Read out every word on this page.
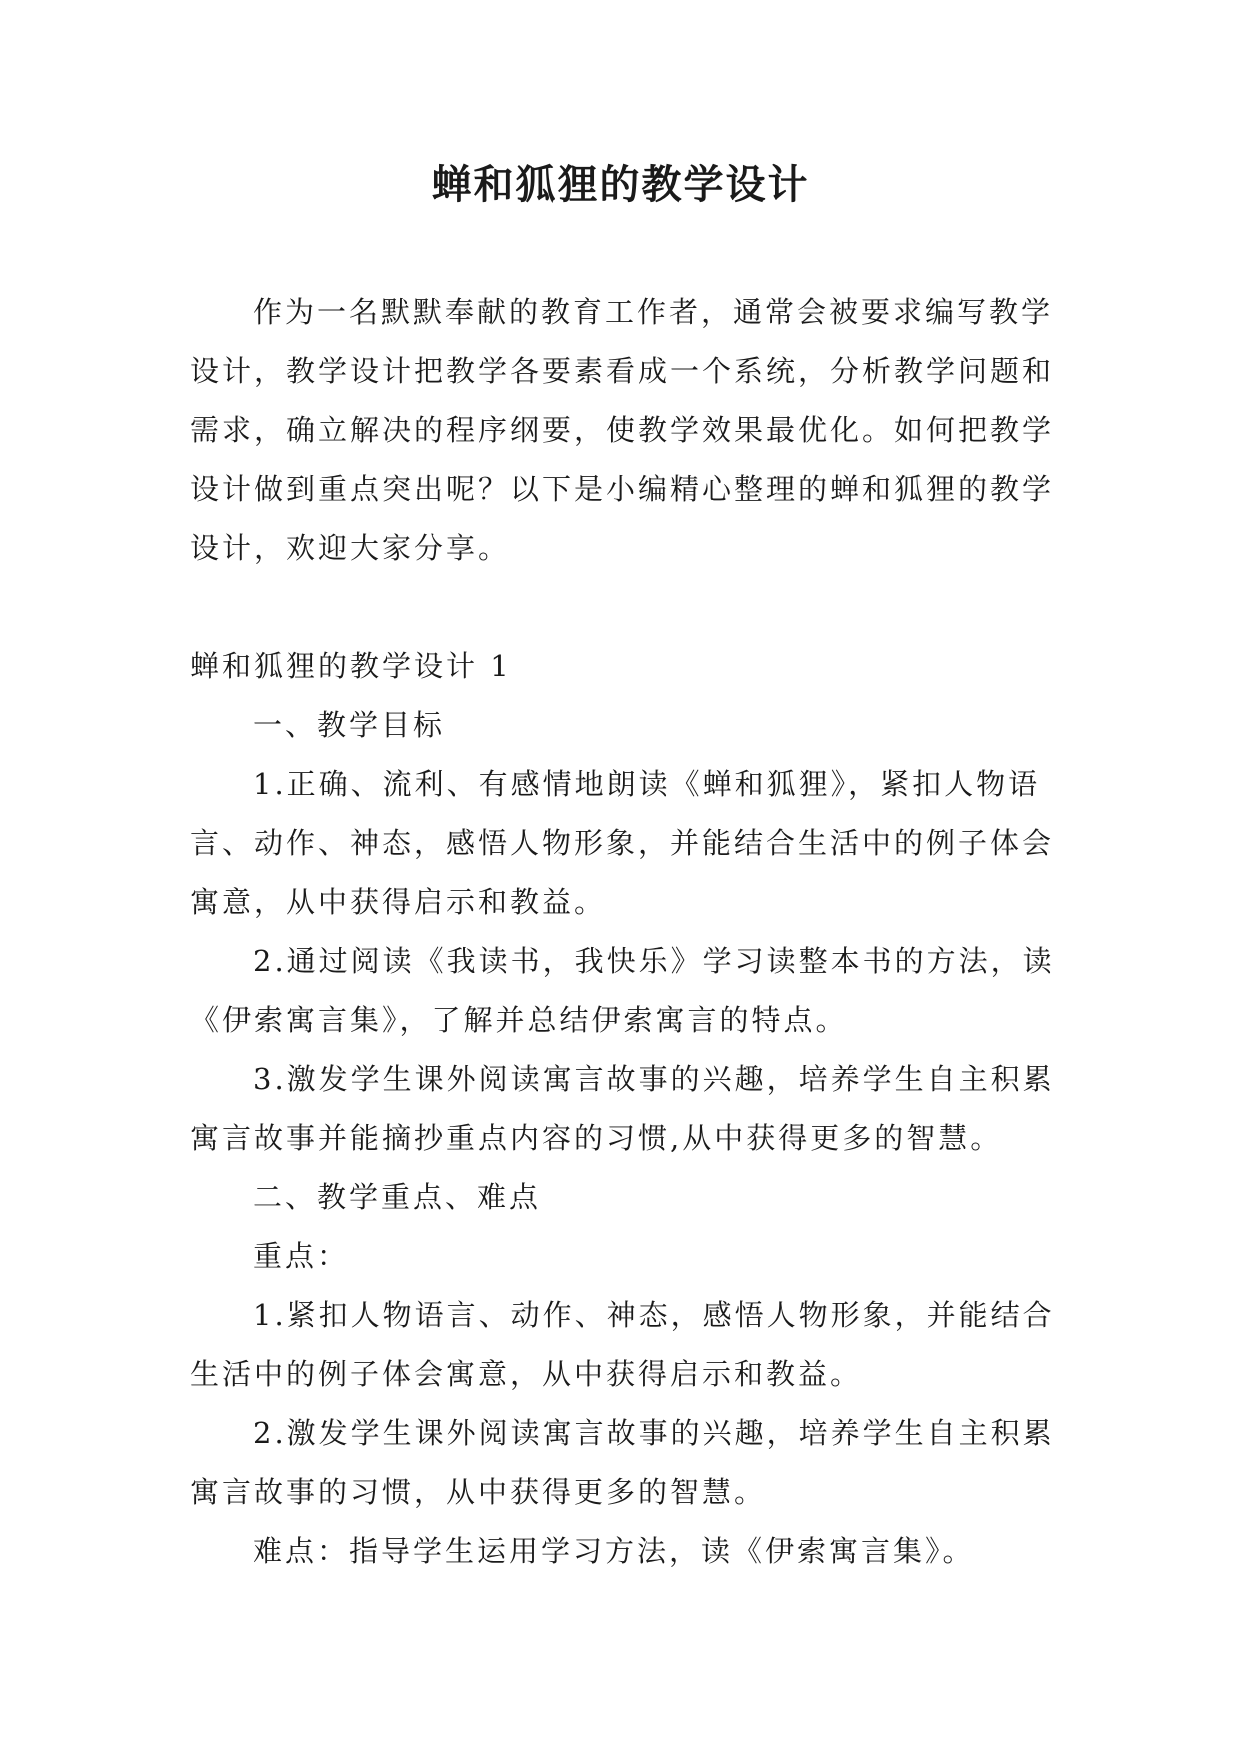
蝉和狐狸的教学设计

作为一名默默奉献的教育工作者，通常会被要求编写教学设计，教学设计把教学各要素看成一个系统，分析教学问题和需求，确立解决的程序纲要，使教学效果最优化。如何把教学设计做到重点突出呢？以下是小编精心整理的蝉和狐狸的教学设计，欢迎大家分享。

蝉和狐狸的教学设计 1

一、教学目标

1.正确、流利、有感情地朗读《蝉和狐狸》，紧扣人物语言、动作、神态，感悟人物形象，并能结合生活中的例子体会寓意，从中获得启示和教益。

2.通过阅读《我读书，我快乐》学习读整本书的方法，读《伊索寓言集》，了解并总结伊索寓言的特点。

3.激发学生课外阅读寓言故事的兴趣，培养学生自主积累寓言故事并能摘抄重点内容的习惯,从中获得更多的智慧。

二、教学重点、难点

重点：

1.紧扣人物语言、动作、神态，感悟人物形象，并能结合生活中的例子体会寓意，从中获得启示和教益。

2.激发学生课外阅读寓言故事的兴趣，培养学生自主积累寓言故事的习惯，从中获得更多的智慧。

难点：指导学生运用学习方法，读《伊索寓言集》。
